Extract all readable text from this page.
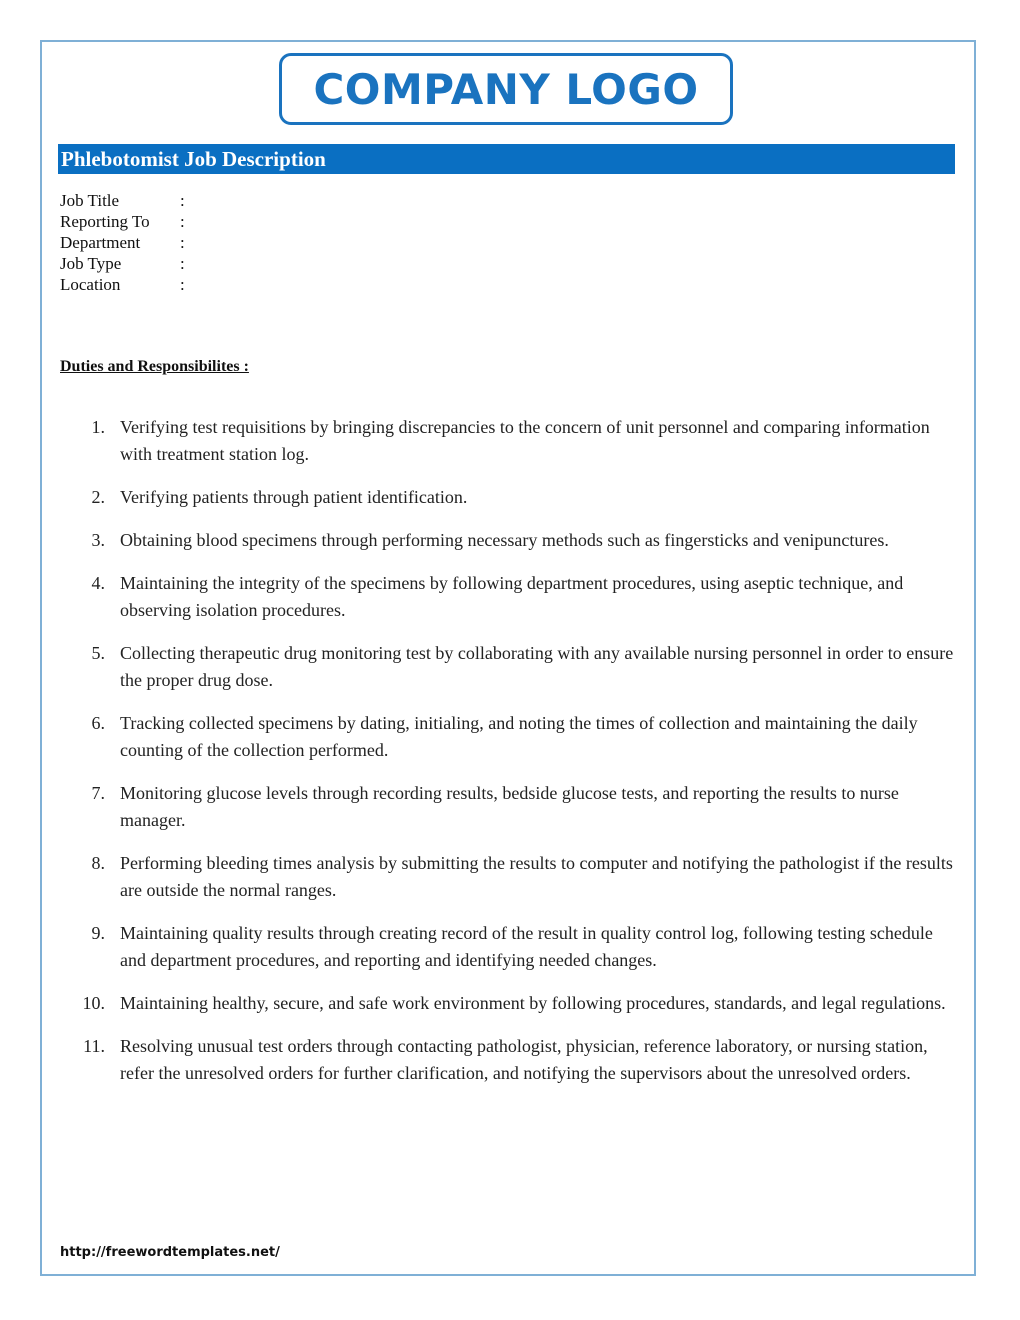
COMPANY LOGO
Phlebotomist Job Description
Job Title	:
Reporting To :
Department :
Job Type	:
Location	:
Duties and Responsibilites :
1. Verifying test requisitions by bringing discrepancies to the concern of unit personnel and comparing information with treatment station log.
2. Verifying patients through patient identification.
3. Obtaining blood specimens through performing necessary methods such as fingersticks and venipunctures.
4. Maintaining the integrity of the specimens by following department procedures, using aseptic technique, and observing isolation procedures.
5. Collecting therapeutic drug monitoring test by collaborating with any available nursing personnel in order to ensure the proper drug dose.
6. Tracking collected specimens by dating, initialing, and noting the times of collection and maintaining the daily counting of the collection performed.
7. Monitoring glucose levels through recording results, bedside glucose tests, and reporting the results to nurse manager.
8. Performing bleeding times analysis by submitting the results to computer and notifying the pathologist if the results are outside the normal ranges.
9. Maintaining quality results through creating record of the result in quality control log, following testing schedule and department procedures, and reporting and identifying needed changes.
10. Maintaining healthy, secure, and safe work environment by following procedures, standards, and legal regulations.
11. Resolving unusual test orders through contacting pathologist, physician, reference laboratory, or nursing station, refer the unresolved orders for further clarification, and notifying the supervisors about the unresolved orders.
http://freewordtemplates.net/
